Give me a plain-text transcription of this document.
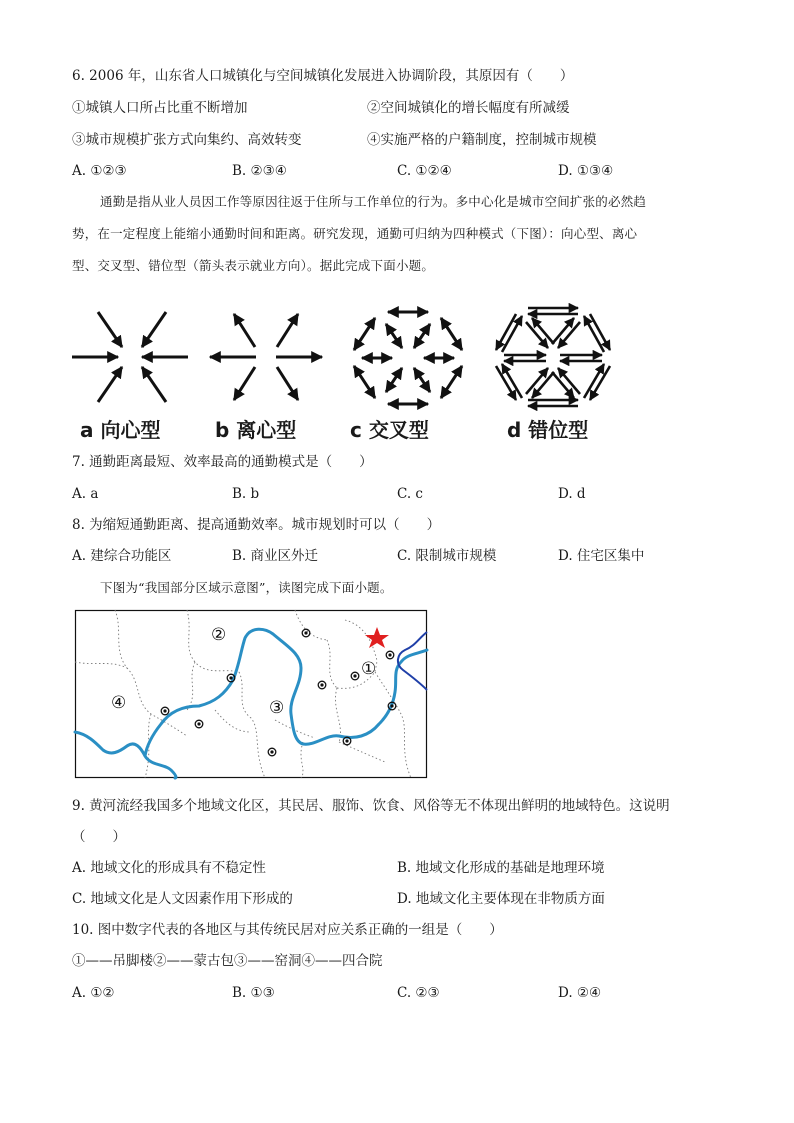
6. 2006 年，山东省人口城镇化与空间城镇化发展进入协调阶段，其原因有（　　）
①城镇人口所占比重不断增加	②空间城镇化的增长幅度有所减缓
③城市规模扩张方式向集约、高效转变	④实施严格的户籍制度，控制城市规模
A. ①②③	B. ②③④	C. ①②④	D. ①③④
通勤是指从业人员因工作等原因往返于住所与工作单位的行为。多中心化是城市空间扩张的必然趋
势，在一定程度上能缩小通勤时间和距离。研究发现，通勤可归纳为四种模式（下图）：向心型、离心
型、交叉型、错位型（箭头表示就业方向）。据此完成下面小题。
a 向心型	b 离心型	c 交叉型	d 错位型
7. 通勤距离最短、效率最高的通勤模式是（　　）
A. a	B. b	C. c	D. d
8. 为缩短通勤距离、提高通勤效率。城市规划时可以（　　）
A. 建综合功能区	B. 商业区外迁	C. 限制城市规模	D. 住宅区集中
下图为“我国部分区域示意图”，读图完成下面小题。
②
①
④	③
9. 黄河流经我国多个地域文化区，其民居、服饰、饮食、风俗等无不体现出鲜明的地域特色。这说明
（　　）
A. 地域文化的形成具有不稳定性	B. 地域文化形成的基础是地理环境
C. 地域文化是人文因素作用下形成的	D. 地域文化主要体现在非物质方面
10. 图中数字代表的各地区与其传统民居对应关系正确的一组是（　　）
①——吊脚楼②——蒙古包③——窑洞④——四合院
A. ①②	B. ①③	C. ②③	D. ②④
